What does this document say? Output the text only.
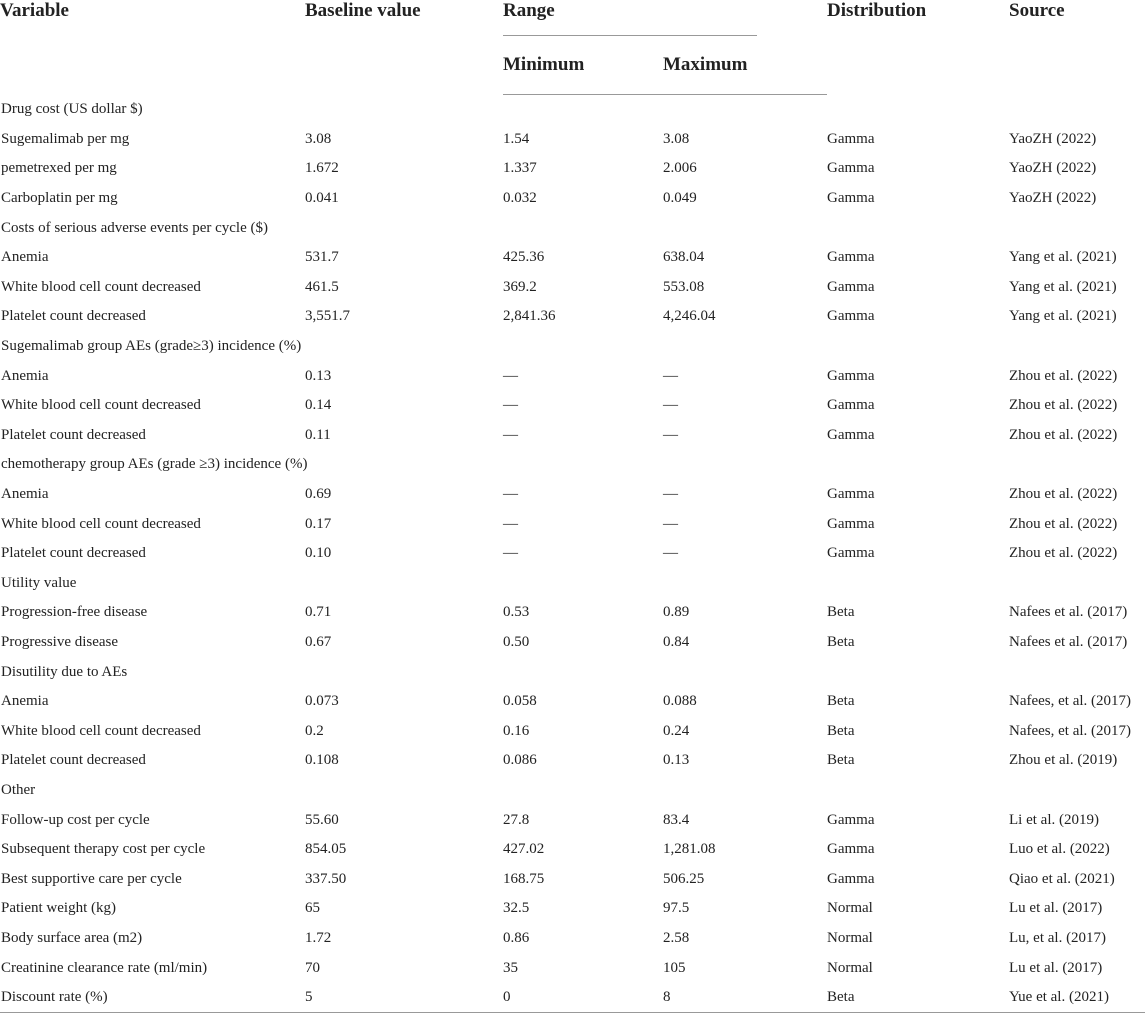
Variable	Baseline value	Range		Distribution	Source
		Minimum	Maximum		
Drug cost (US dollar $)					
Sugemalimab per mg	3.08	1.54	3.08	Gamma	YaoZH (2022)
pemetrexed per mg	1.672	1.337	2.006	Gamma	YaoZH (2022)
Carboplatin per mg	0.041	0.032	0.049	Gamma	YaoZH (2022)
Costs of serious adverse events per cycle ($)					
Anemia	531.7	425.36	638.04	Gamma	Yang et al. (2021)
White blood cell count decreased	461.5	369.2	553.08	Gamma	Yang et al. (2021)
Platelet count decreased	3,551.7	2,841.36	4,246.04	Gamma	Yang et al. (2021)
Sugemalimab group AEs (grade≥3) incidence (%)					
Anemia	0.13	—	—	Gamma	Zhou et al. (2022)
White blood cell count decreased	0.14	—	—	Gamma	Zhou et al. (2022)
Platelet count decreased	0.11	—	—	Gamma	Zhou et al. (2022)
chemotherapy group AEs (grade ≥3) incidence (%)					
Anemia	0.69	—	—	Gamma	Zhou et al. (2022)
White blood cell count decreased	0.17	—	—	Gamma	Zhou et al. (2022)
Platelet count decreased	0.10	—	—	Gamma	Zhou et al. (2022)
Utility value					
Progression-free disease	0.71	0.53	0.89	Beta	Nafees et al. (2017)
Progressive disease	0.67	0.50	0.84	Beta	Nafees et al. (2017)
Disutility due to AEs					
Anemia	0.073	0.058	0.088	Beta	Nafees, et al. (2017)
White blood cell count decreased	0.2	0.16	0.24	Beta	Nafees, et al. (2017)
Platelet count decreased	0.108	0.086	0.13	Beta	Zhou et al. (2019)
Other					
Follow-up cost per cycle	55.60	27.8	83.4	Gamma	Li et al. (2019)
Subsequent therapy cost per cycle	854.05	427.02	1,281.08	Gamma	Luo et al. (2022)
Best supportive care per cycle	337.50	168.75	506.25	Gamma	Qiao et al. (2021)
Patient weight (kg)	65	32.5	97.5	Normal	Lu et al. (2017)
Body surface area (m2)	1.72	0.86	2.58	Normal	Lu, et al. (2017)
Creatinine clearance rate (ml/min)	70	35	105	Normal	Lu et al. (2017)
Discount rate (%)	5	0	8	Beta	Yue et al. (2021)
